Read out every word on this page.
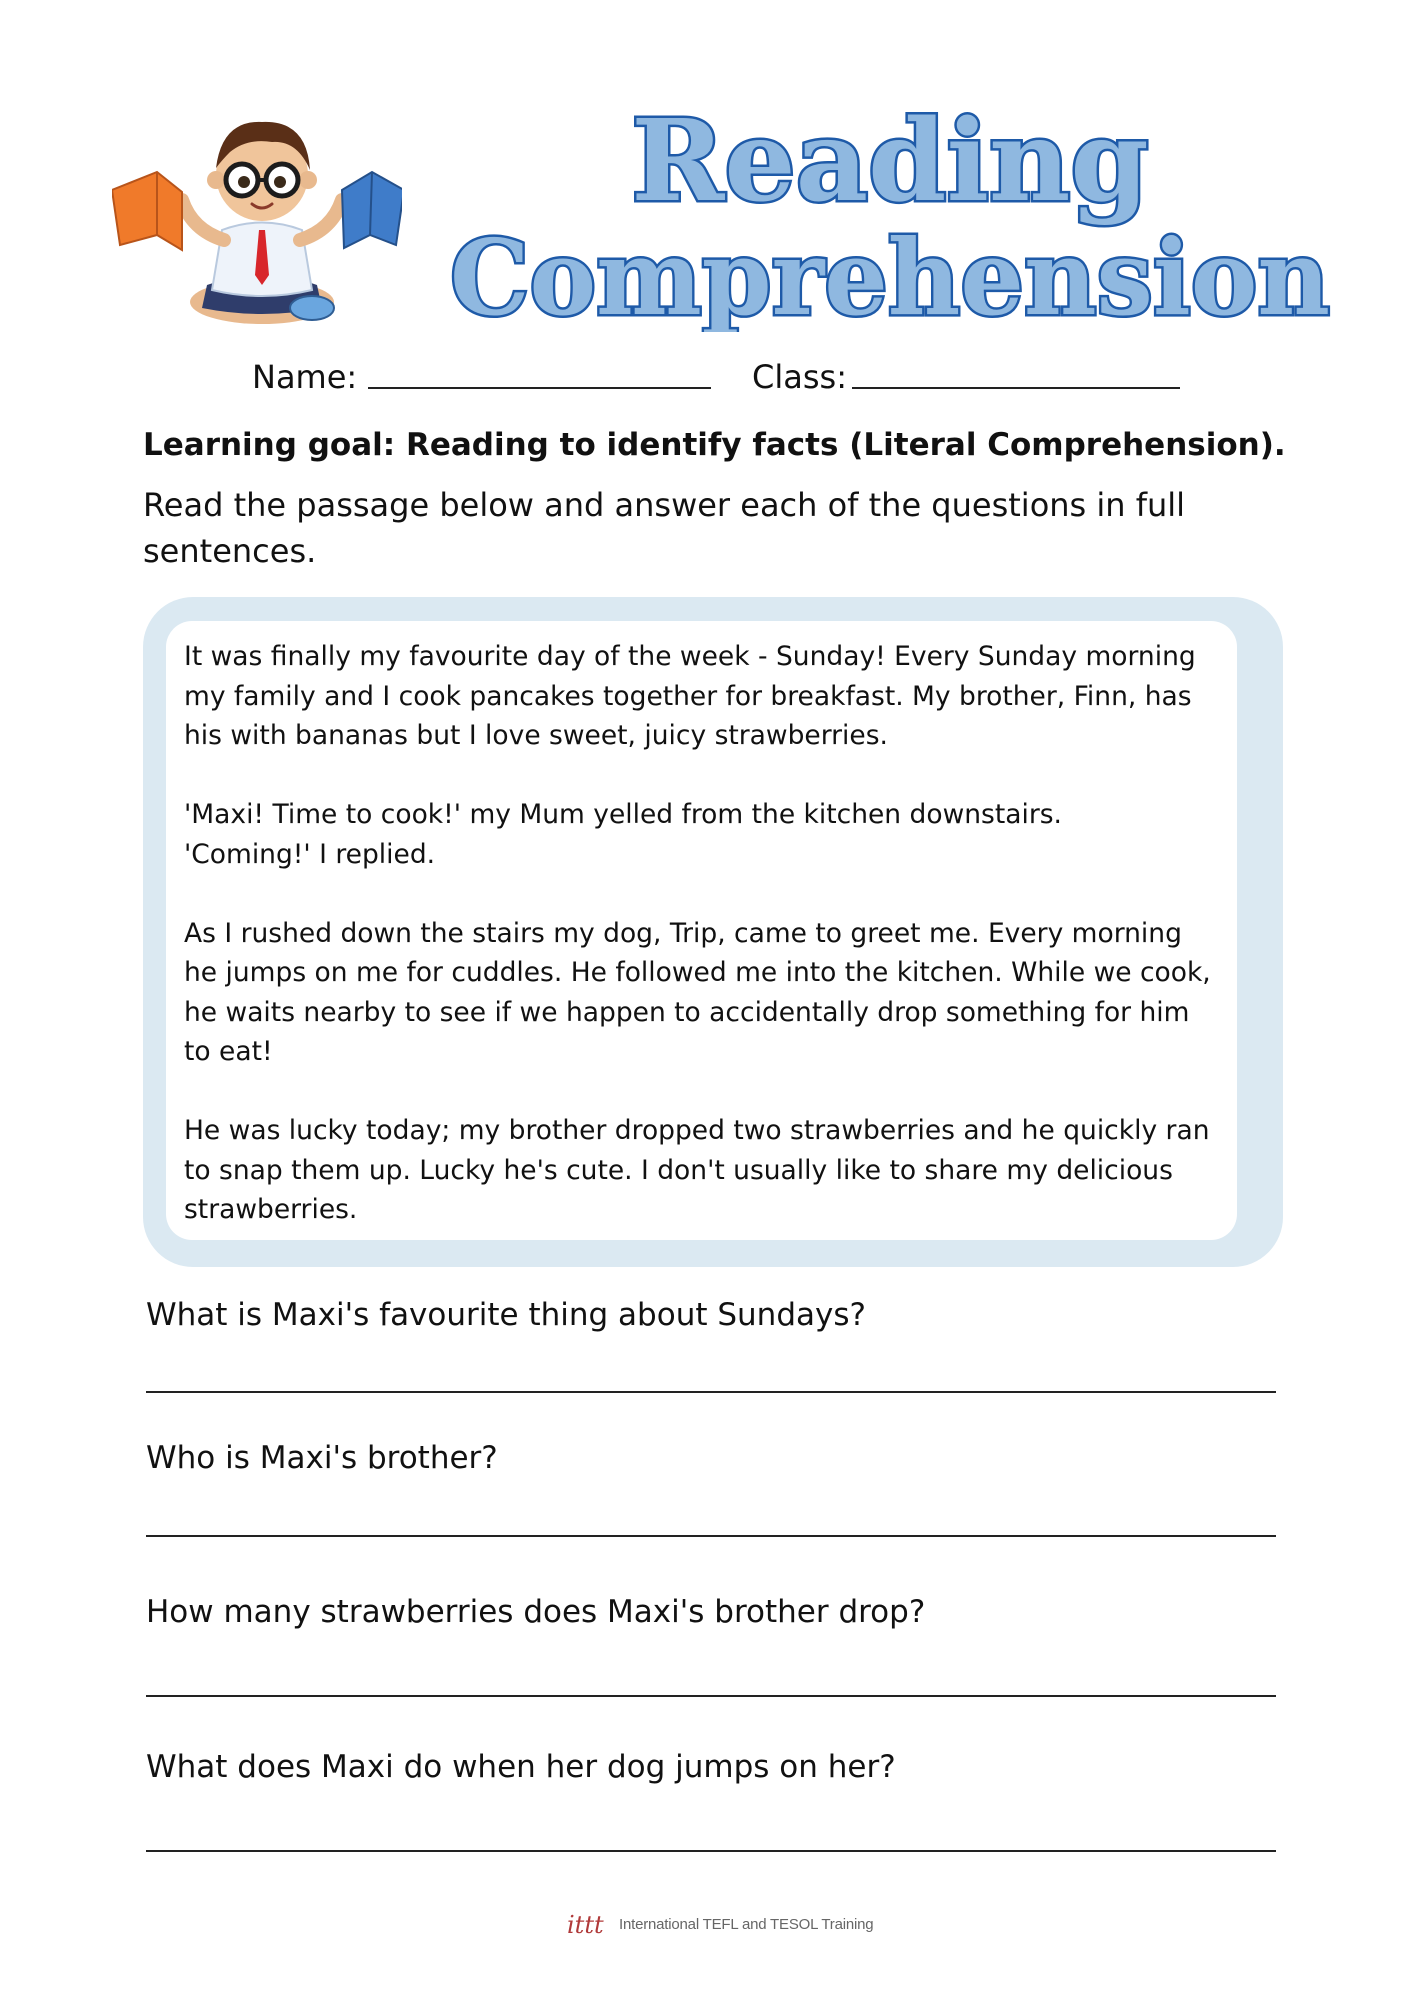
Reading
Comprehension
Name:	Class:
Learning goal: Reading to identify facts (Literal Comprehension).
Read the passage below and answer each of the questions in full sentences.

It was finally my favourite day of the week - Sunday! Every Sunday morning my family and I cook pancakes together for breakfast. My brother, Finn, has his with bananas but I love sweet, juicy strawberries.

'Maxi! Time to cook!' my Mum yelled from the kitchen downstairs.
'Coming!' I replied.

As I rushed down the stairs my dog, Trip, came to greet me. Every morning he jumps on me for cuddles. He followed me into the kitchen. While we cook, he waits nearby to see if we happen to accidentally drop something for him to eat!

He was lucky today; my brother dropped two strawberries and he quickly ran to snap them up. Lucky he's cute. I don't usually like to share my delicious strawberries.

What is Maxi's favourite thing about Sundays?
Who is Maxi's brother?
How many strawberries does Maxi's brother drop?
What does Maxi do when her dog jumps on her?
ittt International TEFL and TESOL Training
